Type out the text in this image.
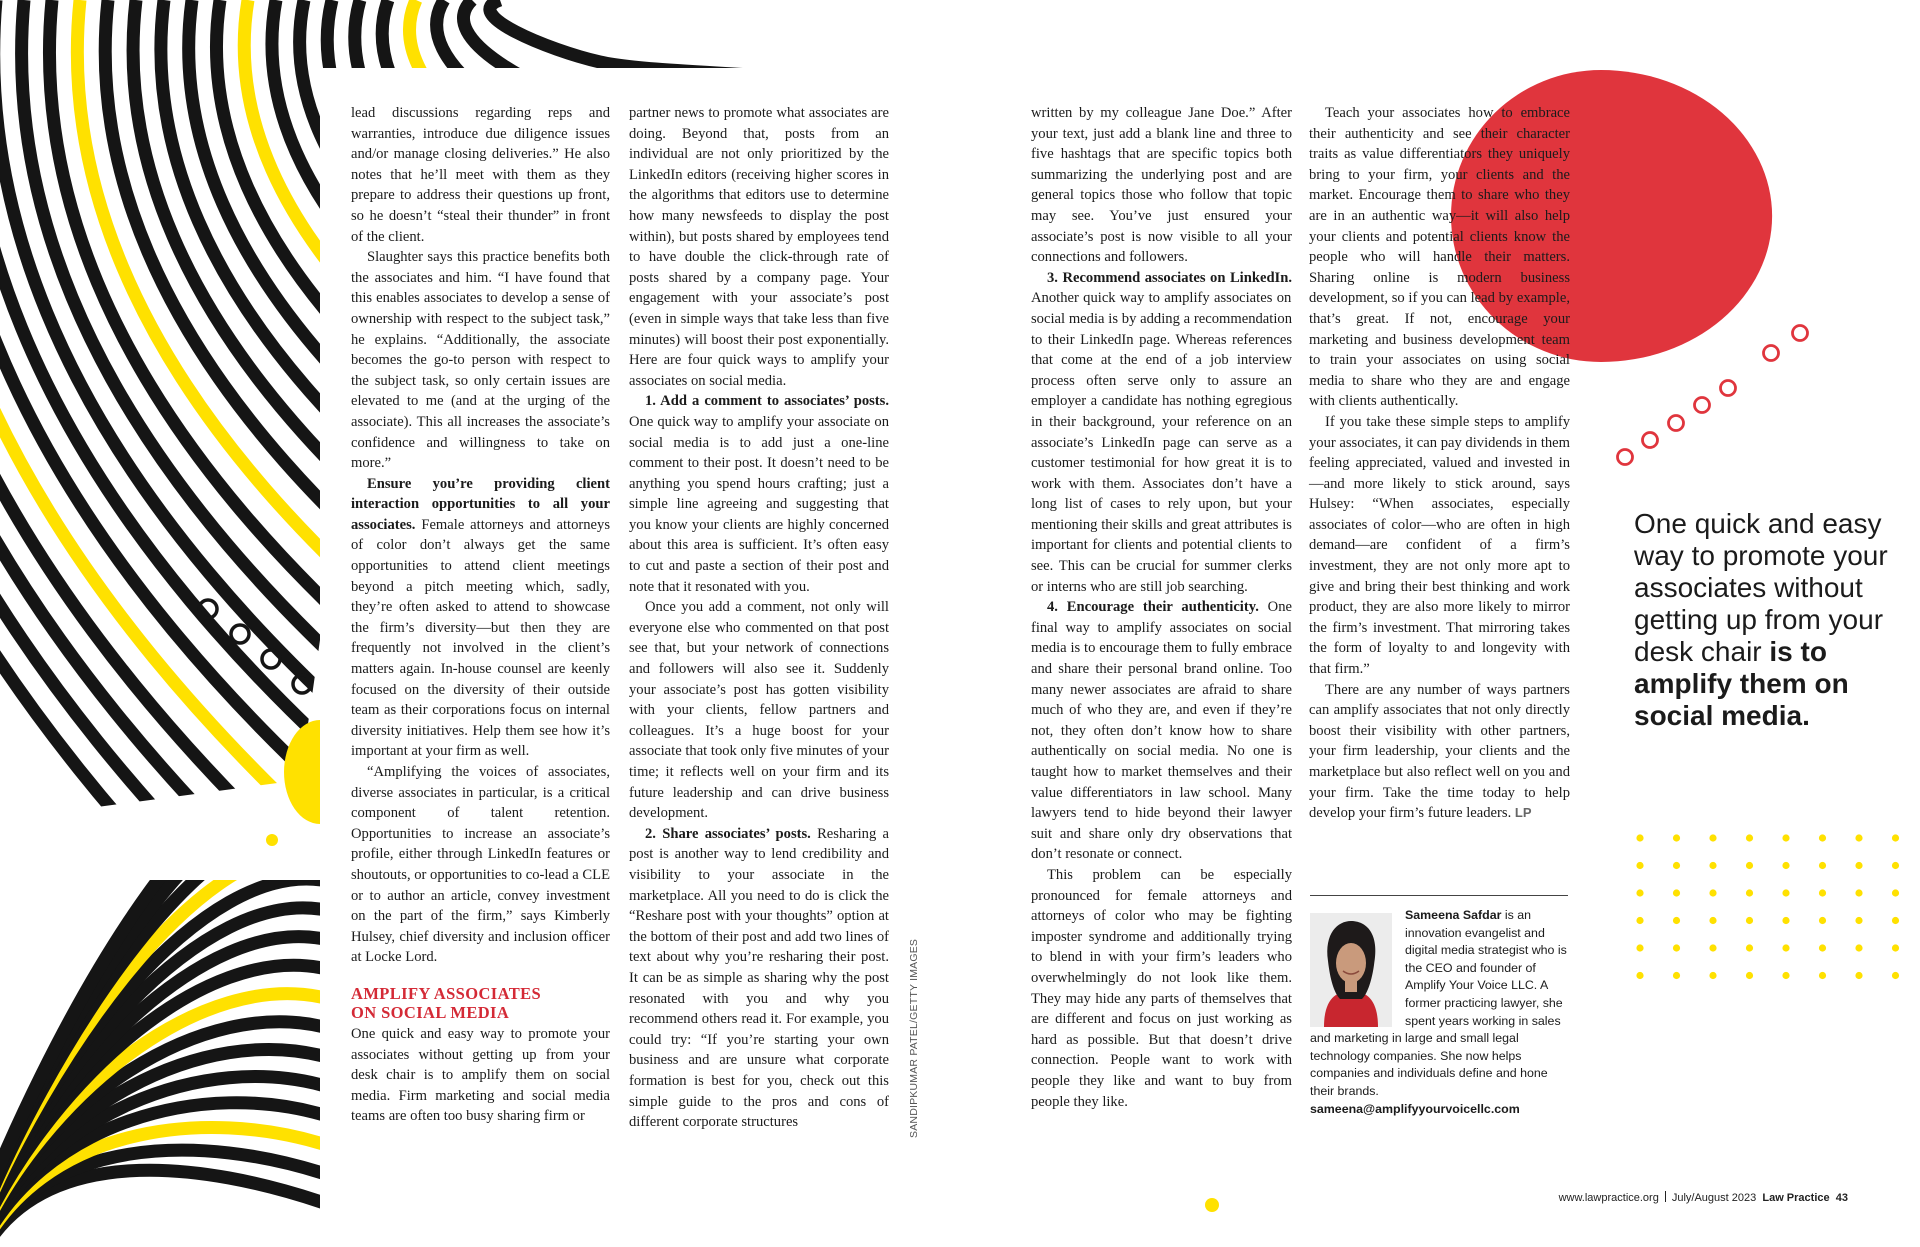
lead discussions regarding reps and warranties, introduce due diligence issues and/or manage closing deliveries.” He also notes that he’ll meet with them as they prepare to address their questions up front, so he doesn’t “steal their thunder” in front of the client.

Slaughter says this practice benefits both the associates and him. “I have found that this enables associates to develop a sense of ownership with respect to the subject task,” he explains. “Additionally, the associate becomes the go-to person with respect to the subject task, so only certain issues are elevated to me (and at the urging of the associate). This all increases the associate’s confidence and willingness to take on more.”

Ensure you’re providing client interaction opportunities to all your associates. Female attorneys and attorneys of color don’t always get the same opportunities to attend client meetings beyond a pitch meeting which, sadly, they’re often asked to attend to showcase the firm’s diversity—but then they are frequently not involved in the client’s matters again. In-house counsel are keenly focused on the diversity of their outside team as their corporations focus on internal diversity initiatives. Help them see how it’s important at your firm as well.

“Amplifying the voices of associates, diverse associates in particular, is a critical component of talent retention. Opportunities to increase an associate’s profile, either through LinkedIn features or shoutouts, or opportunities to co-lead a CLE or to author an article, convey investment on the part of the firm,” says Kimberly Hulsey, chief diversity and inclusion officer at Locke Lord.

AMPLIFY ASSOCIATES
ON SOCIAL MEDIA

One quick and easy way to promote your associates without getting up from your desk chair is to amplify them on social media. Firm marketing and social media teams are often too busy sharing firm or

partner news to promote what associates are doing. Beyond that, posts from an individual are not only prioritized by the LinkedIn editors (receiving higher scores in the algorithms that editors use to determine how many newsfeeds to display the post within), but posts shared by employees tend to have double the click-through rate of posts shared by a company page. Your engagement with your associate’s post (even in simple ways that take less than five minutes) will boost their post exponentially. Here are four quick ways to amplify your associates on social media.

1. Add a comment to associates’ posts. One quick way to amplify your associate on social media is to add just a one-line comment to their post. It doesn’t need to be anything you spend hours crafting; just a simple line agreeing and suggesting that you know your clients are highly concerned about this area is sufficient. It’s often easy to cut and paste a section of their post and note that it resonated with you.

Once you add a comment, not only will everyone else who commented on that post see that, but your network of connections and followers will also see it. Suddenly your associate’s post has gotten visibility with your clients, fellow partners and colleagues. It’s a huge boost for your associate that took only five minutes of your time; it reflects well on your firm and its future leadership and can drive business development.

2. Share associates’ posts. Resharing a post is another way to lend credibility and visibility to your associate in the marketplace. All you need to do is click the “Reshare post with your thoughts” option at the bottom of their post and add two lines of text about why you’re resharing their post. It can be as simple as sharing why the post resonated with you and why you recommend others read it. For example, you could try: “If you’re starting your own business and are unsure what corporate formation is best for you, check out this simple guide to the pros and cons of different corporate structures	SANDIPKUMAR PATEL/GETTY IMAGES

written by my colleague Jane Doe.” After your text, just add a blank line and three to five hashtags that are specific topics both summarizing the underlying post and are general topics those who follow that topic may see. You’ve just ensured your associate’s post is now visible to all your connections and followers.

3. Recommend associates on LinkedIn. Another quick way to amplify associates on social media is by adding a recommendation to their LinkedIn page. Whereas references that come at the end of a job interview process often serve only to assure an employer a candidate has nothing egregious in their background, your reference on an associate’s LinkedIn page can serve as a customer testimonial for how great it is to work with them. Associates don’t have a long list of cases to rely upon, but your mentioning their skills and great attributes is important for clients and potential clients to see. This can be crucial for summer clerks or interns who are still job searching.

4. Encourage their authenticity. One final way to amplify associates on social media is to encourage them to fully embrace and share their personal brand online. Too many newer associates are afraid to share much of who they are, and even if they’re not, they often don’t know how to share authentically on social media. No one is taught how to market themselves and their value differentiators in law school. Many lawyers tend to hide beyond their lawyer suit and share only dry observations that don’t resonate or connect.

This problem can be especially pronounced for female attorneys and attorneys of color who may be fighting imposter syndrome and additionally trying to blend in with your firm’s leaders who overwhelmingly do not look like them. They may hide any parts of themselves that are different and focus on just working as hard as possible. But that doesn’t drive connection. People want to work with people they like and want to buy from people they like.

Teach your associates how to embrace their authenticity and see their character traits as value differentiators they uniquely bring to your firm, your clients and the market. Encourage them to share who they are in an authentic way—it will also help your clients and potential clients know the people who will handle their matters. Sharing online is modern business development, so if you can lead by example, that’s great. If not, encourage your marketing and business development team to train your associates on using social media to share who they are and engage with clients authentically.

If you take these simple steps to amplify your associates, it can pay dividends in them feeling appreciated, valued and invested in—and more likely to stick around, says Hulsey: “When associates, especially associates of color—who are often in high demand—are confident of a firm’s investment, they are not only more apt to give and bring their best thinking and work product, they are also more likely to mirror the firm’s investment. That mirroring takes the form of loyalty to and longevity with that firm.”

There are any number of ways partners can amplify associates that not only directly boost their visibility with other partners, your firm leadership, your clients and the marketplace but also reflect well on you and your firm. Take the time today to help develop your firm’s future leaders. LP

One quick and easy way to promote your associates without getting up from your desk chair is to amplify them on social media.
Sameena Safdar is an innovation evangelist and digital media strategist who is the CEO and founder of Amplify Your Voice LLC. A former practicing lawyer, she spent years working in sales and marketing in large and small legal technology companies. She now helps companies and individuals define and hone their brands.
sameena@amplifyyourvoicellc.com
www.lawpractice.org July/August 2023 Law Practice 43
